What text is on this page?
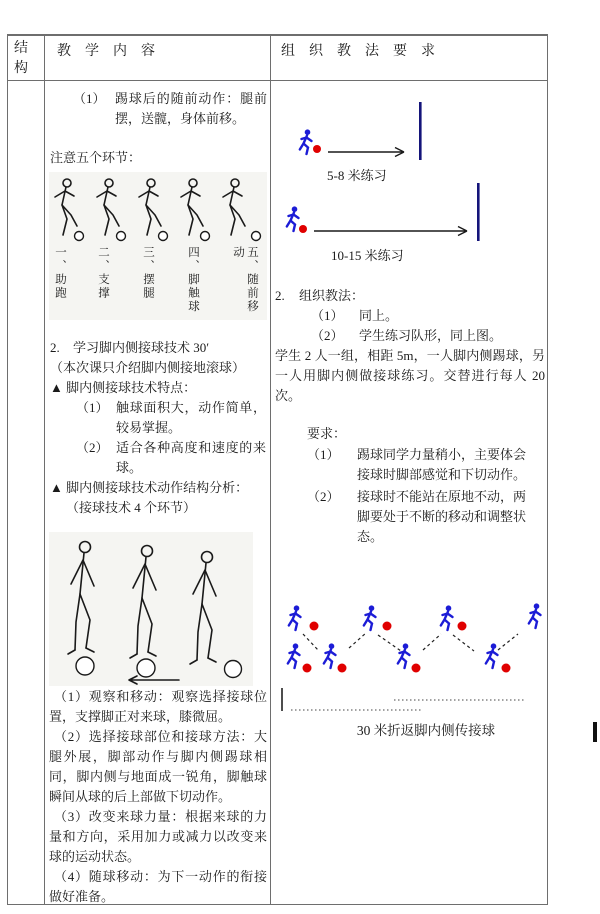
结
构
教　学　内　容	组　织　教　法　要　求
（1） 踢球后的随前动作：腿前摆，送髋，身体前移。
注意五个环节：
一、助跑	二、支撑	三、摆腿	四、脚触球	五、随前移动
2.	学习脚内侧接球技术 30′
（本次课只介绍脚内侧接地滚球）
▲ 脚内侧接球技术特点：
（1） 触球面积大，动作简单，较易掌握。
（2） 适合各种高度和速度的来球。
▲ 脚内侧接球技术动作结构分析：
（接球技术 4 个环节）

（1）观察和移动：观察选择接球位置，支撑脚正对来球，膝微屈。

（2）选择接球部位和接球方法：大腿外展，脚部动作与脚内侧踢球相同，脚内侧与地面成一锐角，脚触球瞬间从球的后上部做下切动作。

（3）改变来球力量：根据来球的力量和方向，采用加力或减力以改变来球的运动状态。

（4）随球移动：为下一动作的衔接做好准备。

5-8 米练习
10-15 米练习
2.	组织教法：
（1）	同上。
（2）	学生练习队形，同上图。

学生 2 人一组，相距 5m，一人脚内侧踢球，另一人用脚内侧做接球练习。交替进行每人 20 次。

要求：
（1）	踢球同学力量稍小，主要体会接球时脚部感觉和下切动作。
（2）	接球时不能站在原地不动，两脚要处于不断的移动和调整状态。
30 米折返脚内侧传接球
